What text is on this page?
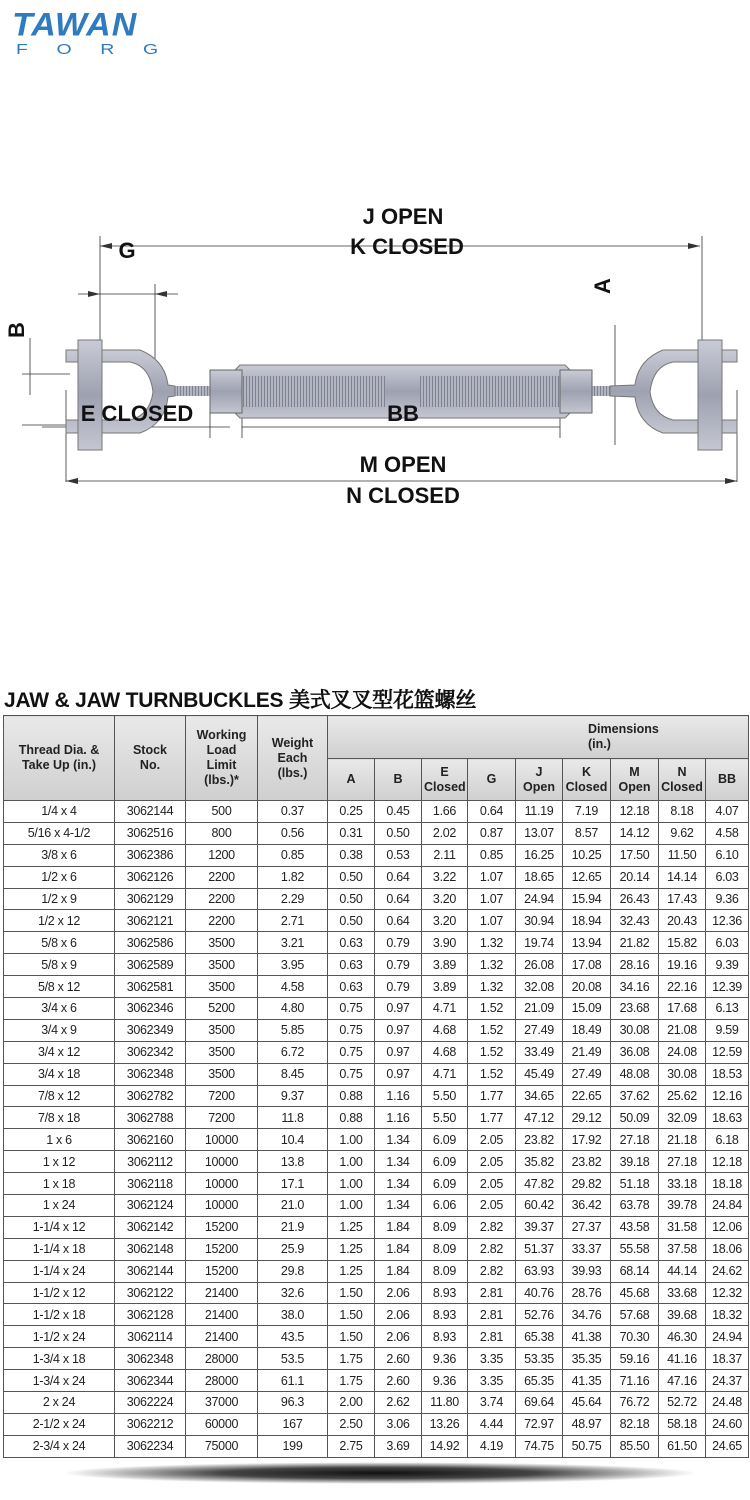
TAWAN
FORG
J OPEN
K CLOSED
G
B
A
E CLOSED	BB
M OPEN
N CLOSED
JAW & JAW TURNBUCKLES 美式叉叉型花篮螺丝
Thread Dia. & Take Up (in.)	Stock No.	Working Load Limit (lbs.)*	Weight Each (lbs.)	Dimensions (in.)								
				A	B	E Closed	G	J Open	K Closed	M Open	N Closed	BB
1/4 x 4	3062144	500	0.37	0.25	0.45	1.66	0.64	11.19	7.19	12.18	8.18	4.07
5/16 x 4-1/2	3062516	800	0.56	0.31	0.50	2.02	0.87	13.07	8.57	14.12	9.62	4.58
3/8 x 6	3062386	1200	0.85	0.38	0.53	2.11	0.85	16.25	10.25	17.50	11.50	6.10
1/2 x 6	3062126	2200	1.82	0.50	0.64	3.22	1.07	18.65	12.65	20.14	14.14	6.03
1/2 x 9	3062129	2200	2.29	0.50	0.64	3.20	1.07	24.94	15.94	26.43	17.43	9.36
1/2 x 12	3062121	2200	2.71	0.50	0.64	3.20	1.07	30.94	18.94	32.43	20.43	12.36
5/8 x 6	3062586	3500	3.21	0.63	0.79	3.90	1.32	19.74	13.94	21.82	15.82	6.03
5/8 x 9	3062589	3500	3.95	0.63	0.79	3.89	1.32	26.08	17.08	28.16	19.16	9.39
5/8 x 12	3062581	3500	4.58	0.63	0.79	3.89	1.32	32.08	20.08	34.16	22.16	12.39
3/4 x 6	3062346	5200	4.80	0.75	0.97	4.71	1.52	21.09	15.09	23.68	17.68	6.13
3/4 x 9	3062349	3500	5.85	0.75	0.97	4.68	1.52	27.49	18.49	30.08	21.08	9.59
3/4 x 12	3062342	3500	6.72	0.75	0.97	4.68	1.52	33.49	21.49	36.08	24.08	12.59
3/4 x 18	3062348	3500	8.45	0.75	0.97	4.71	1.52	45.49	27.49	48.08	30.08	18.53
7/8 x 12	3062782	7200	9.37	0.88	1.16	5.50	1.77	34.65	22.65	37.62	25.62	12.16
7/8 x 18	3062788	7200	11.8	0.88	1.16	5.50	1.77	47.12	29.12	50.09	32.09	18.63
1 x 6	3062160	10000	10.4	1.00	1.34	6.09	2.05	23.82	17.92	27.18	21.18	6.18
1 x 12	3062112	10000	13.8	1.00	1.34	6.09	2.05	35.82	23.82	39.18	27.18	12.18
1 x 18	3062118	10000	17.1	1.00	1.34	6.09	2.05	47.82	29.82	51.18	33.18	18.18
1 x 24	3062124	10000	21.0	1.00	1.34	6.06	2.05	60.42	36.42	63.78	39.78	24.84
1-1/4 x 12	3062142	15200	21.9	1.25	1.84	8.09	2.82	39.37	27.37	43.58	31.58	12.06
1-1/4 x 18	3062148	15200	25.9	1.25	1.84	8.09	2.82	51.37	33.37	55.58	37.58	18.06
1-1/4 x 24	3062144	15200	29.8	1.25	1.84	8.09	2.82	63.93	39.93	68.14	44.14	24.62
1-1/2 x 12	3062122	21400	32.6	1.50	2.06	8.93	2.81	40.76	28.76	45.68	33.68	12.32
1-1/2 x 18	3062128	21400	38.0	1.50	2.06	8.93	2.81	52.76	34.76	57.68	39.68	18.32
1-1/2 x 24	3062114	21400	43.5	1.50	2.06	8.93	2.81	65.38	41.38	70.30	46.30	24.94
1-3/4 x 18	3062348	28000	53.5	1.75	2.60	9.36	3.35	53.35	35.35	59.16	41.16	18.37
1-3/4 x 24	3062344	28000	61.1	1.75	2.60	9.36	3.35	65.35	41.35	71.16	47.16	24.37
2 x 24	3062224	37000	96.3	2.00	2.62	11.80	3.74	69.64	45.64	76.72	52.72	24.48
2-1/2 x 24	3062212	60000	167	2.50	3.06	13.26	4.44	72.97	48.97	82.18	58.18	24.60
2-3/4 x 24	3062234	75000	199	2.75	3.69	14.92	4.19	74.75	50.75	85.50	61.50	24.65
